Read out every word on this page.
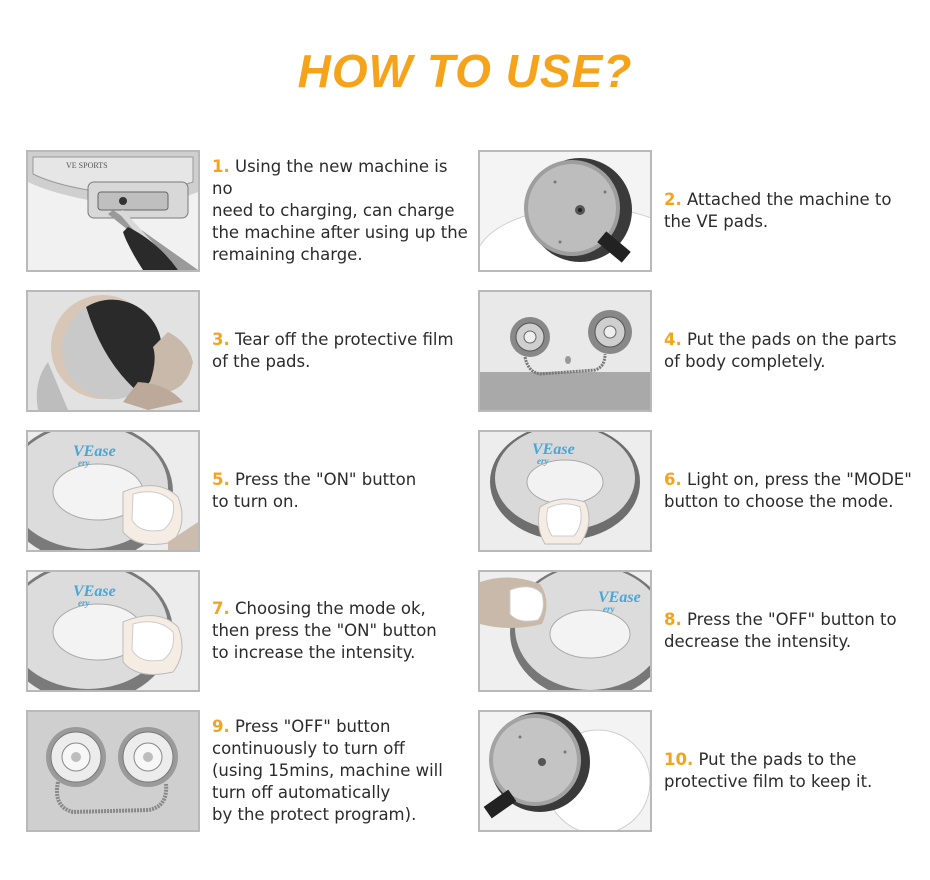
HOW TO USE?
VE SPORTS	1. Using the new machine is no
need to charging, can charge
the machine after using up the
remaining charge.

2. Attached the machine to
the VE pads.

3. Tear off the protective film
of the pads.

4. Put the pads on the parts
of body completely.

VEase
ery

5. Press the "ON" button
to turn on.

VEase
ery

6. Light on, press the "MODE"
button to choose the mode.

VEase
ery	7. Choosing the mode ok,
then press the "ON" button
to increase the intensity.

VEase
ery

8. Press the "OFF" button to
decrease the intensity.

9. Press "OFF" button
continuously to turn off
(using 15mins, machine will
turn off automatically
by the protect program).

10. Put the pads to the
protective film to keep it.
